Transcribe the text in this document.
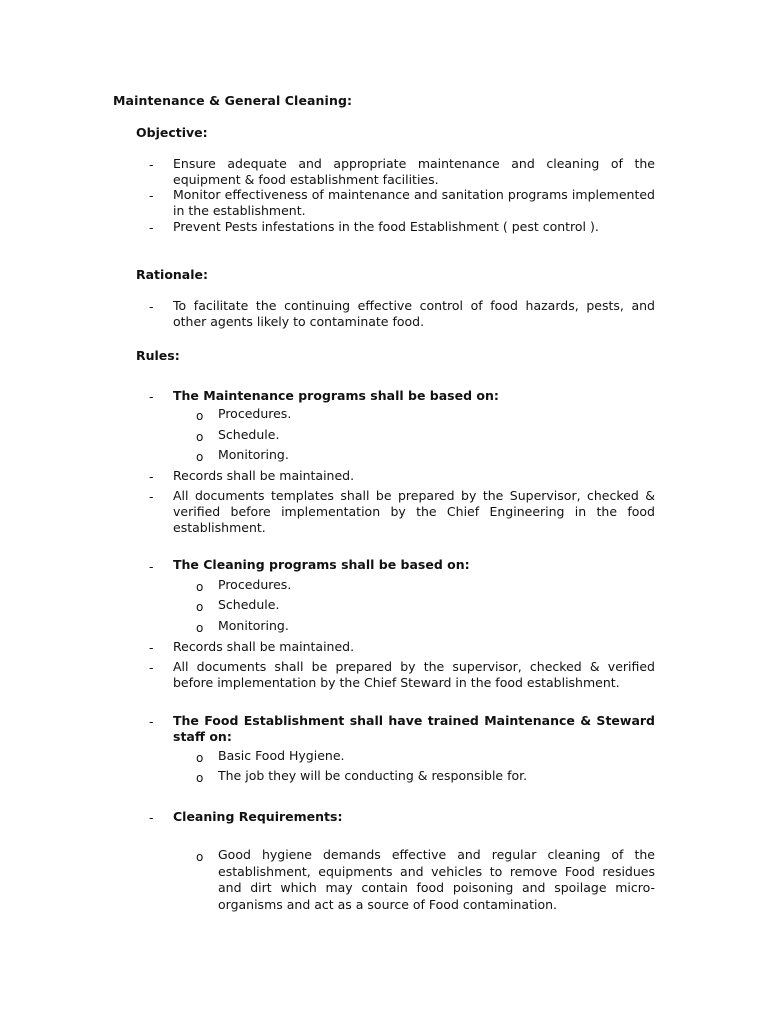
Maintenance & General Cleaning:
Objective:
- Ensure adequate and appropriate maintenance and cleaning of the equipment & food establishment facilities.
- Monitor effectiveness of maintenance and sanitation programs implemented in the establishment.
- Prevent Pests infestations in the food Establishment ( pest control ).
Rationale:
- To facilitate the continuing effective control of food hazards, pests, and other agents likely to contaminate food.
Rules:
- The Maintenance programs shall be based on:
o Procedures.
o Schedule.
o Monitoring.
- Records shall be maintained.
- All documents templates shall be prepared by the Supervisor, checked & verified before implementation by the Chief Engineering in the food establishment.
- The Cleaning programs shall be based on:
o Procedures.
o Schedule.
o Monitoring.
- Records shall be maintained.
- All documents shall be prepared by the supervisor, checked & verified before implementation by the Chief Steward in the food establishment.
- The Food Establishment shall have trained Maintenance & Steward staff on:
o Basic Food Hygiene.
o The job they will be conducting & responsible for.
- Cleaning Requirements:
o Good hygiene demands effective and regular cleaning of the establishment, equipments and vehicles to remove Food residues and dirt which may contain food poisoning and spoilage micro-organisms and act as a source of Food contamination.
